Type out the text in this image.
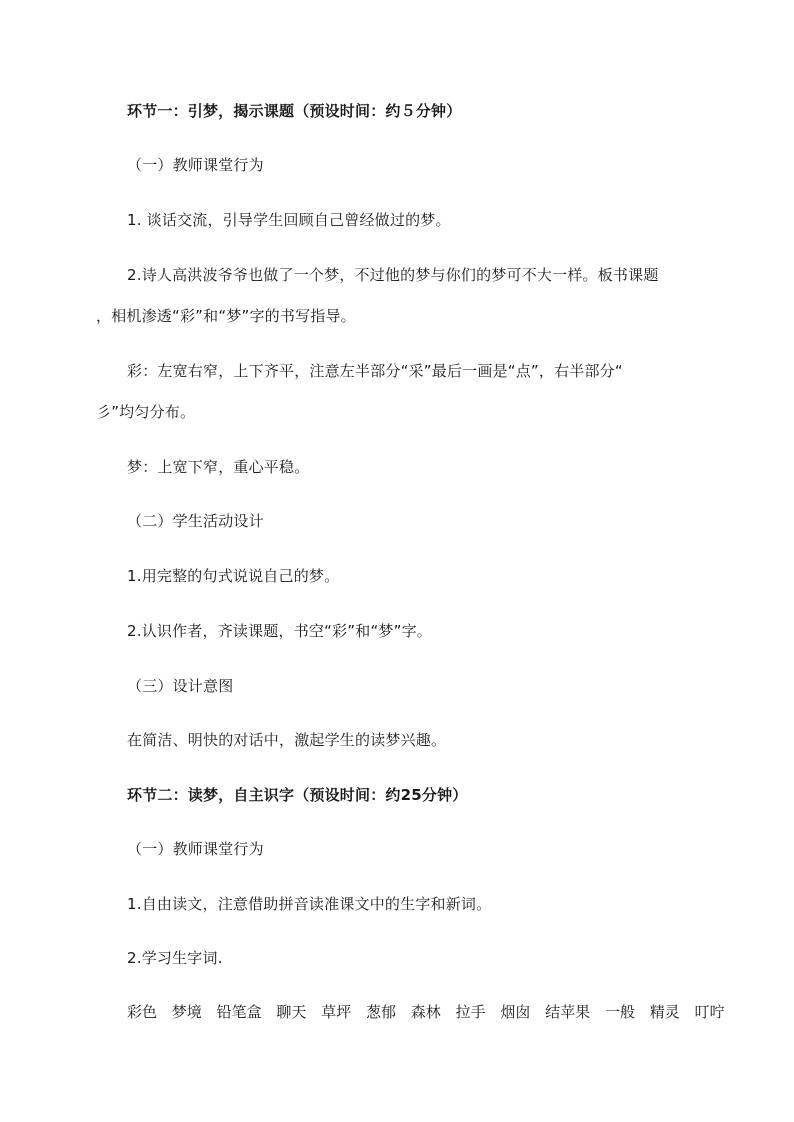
环节一：引梦，揭示课题（预设时间：约５分钟）
（一）教师课堂行为
1. 谈话交流，引导学生回顾自己曾经做过的梦。
2.诗人高洪波爷爷也做了一个梦，不过他的梦与你们的梦可不大一样。板书课题
，相机渗透“彩”和“梦”字的书写指导。
彩：左宽右窄，上下齐平，注意左半部分“采”最后一画是“点”，右半部分“
彡”均匀分布。
梦：上宽下窄，重心平稳。
（二）学生活动设计
1.用完整的句式说说自己的梦。
2.认识作者，齐读课题，书空“彩”和“梦”字。
（三）设计意图
在简洁、明快的对话中，激起学生的读梦兴趣。
环节二：读梦，自主识字（预设时间：约25分钟）
（一）教师课堂行为
1.自由读文，注意借助拼音读准课文中的生字和新词。
2.学习生字词.
彩色 梦境 铅笔盒 聊天 草坪 葱郁 森林 拉手 烟囱 结苹果 一般 精灵 叮咛
